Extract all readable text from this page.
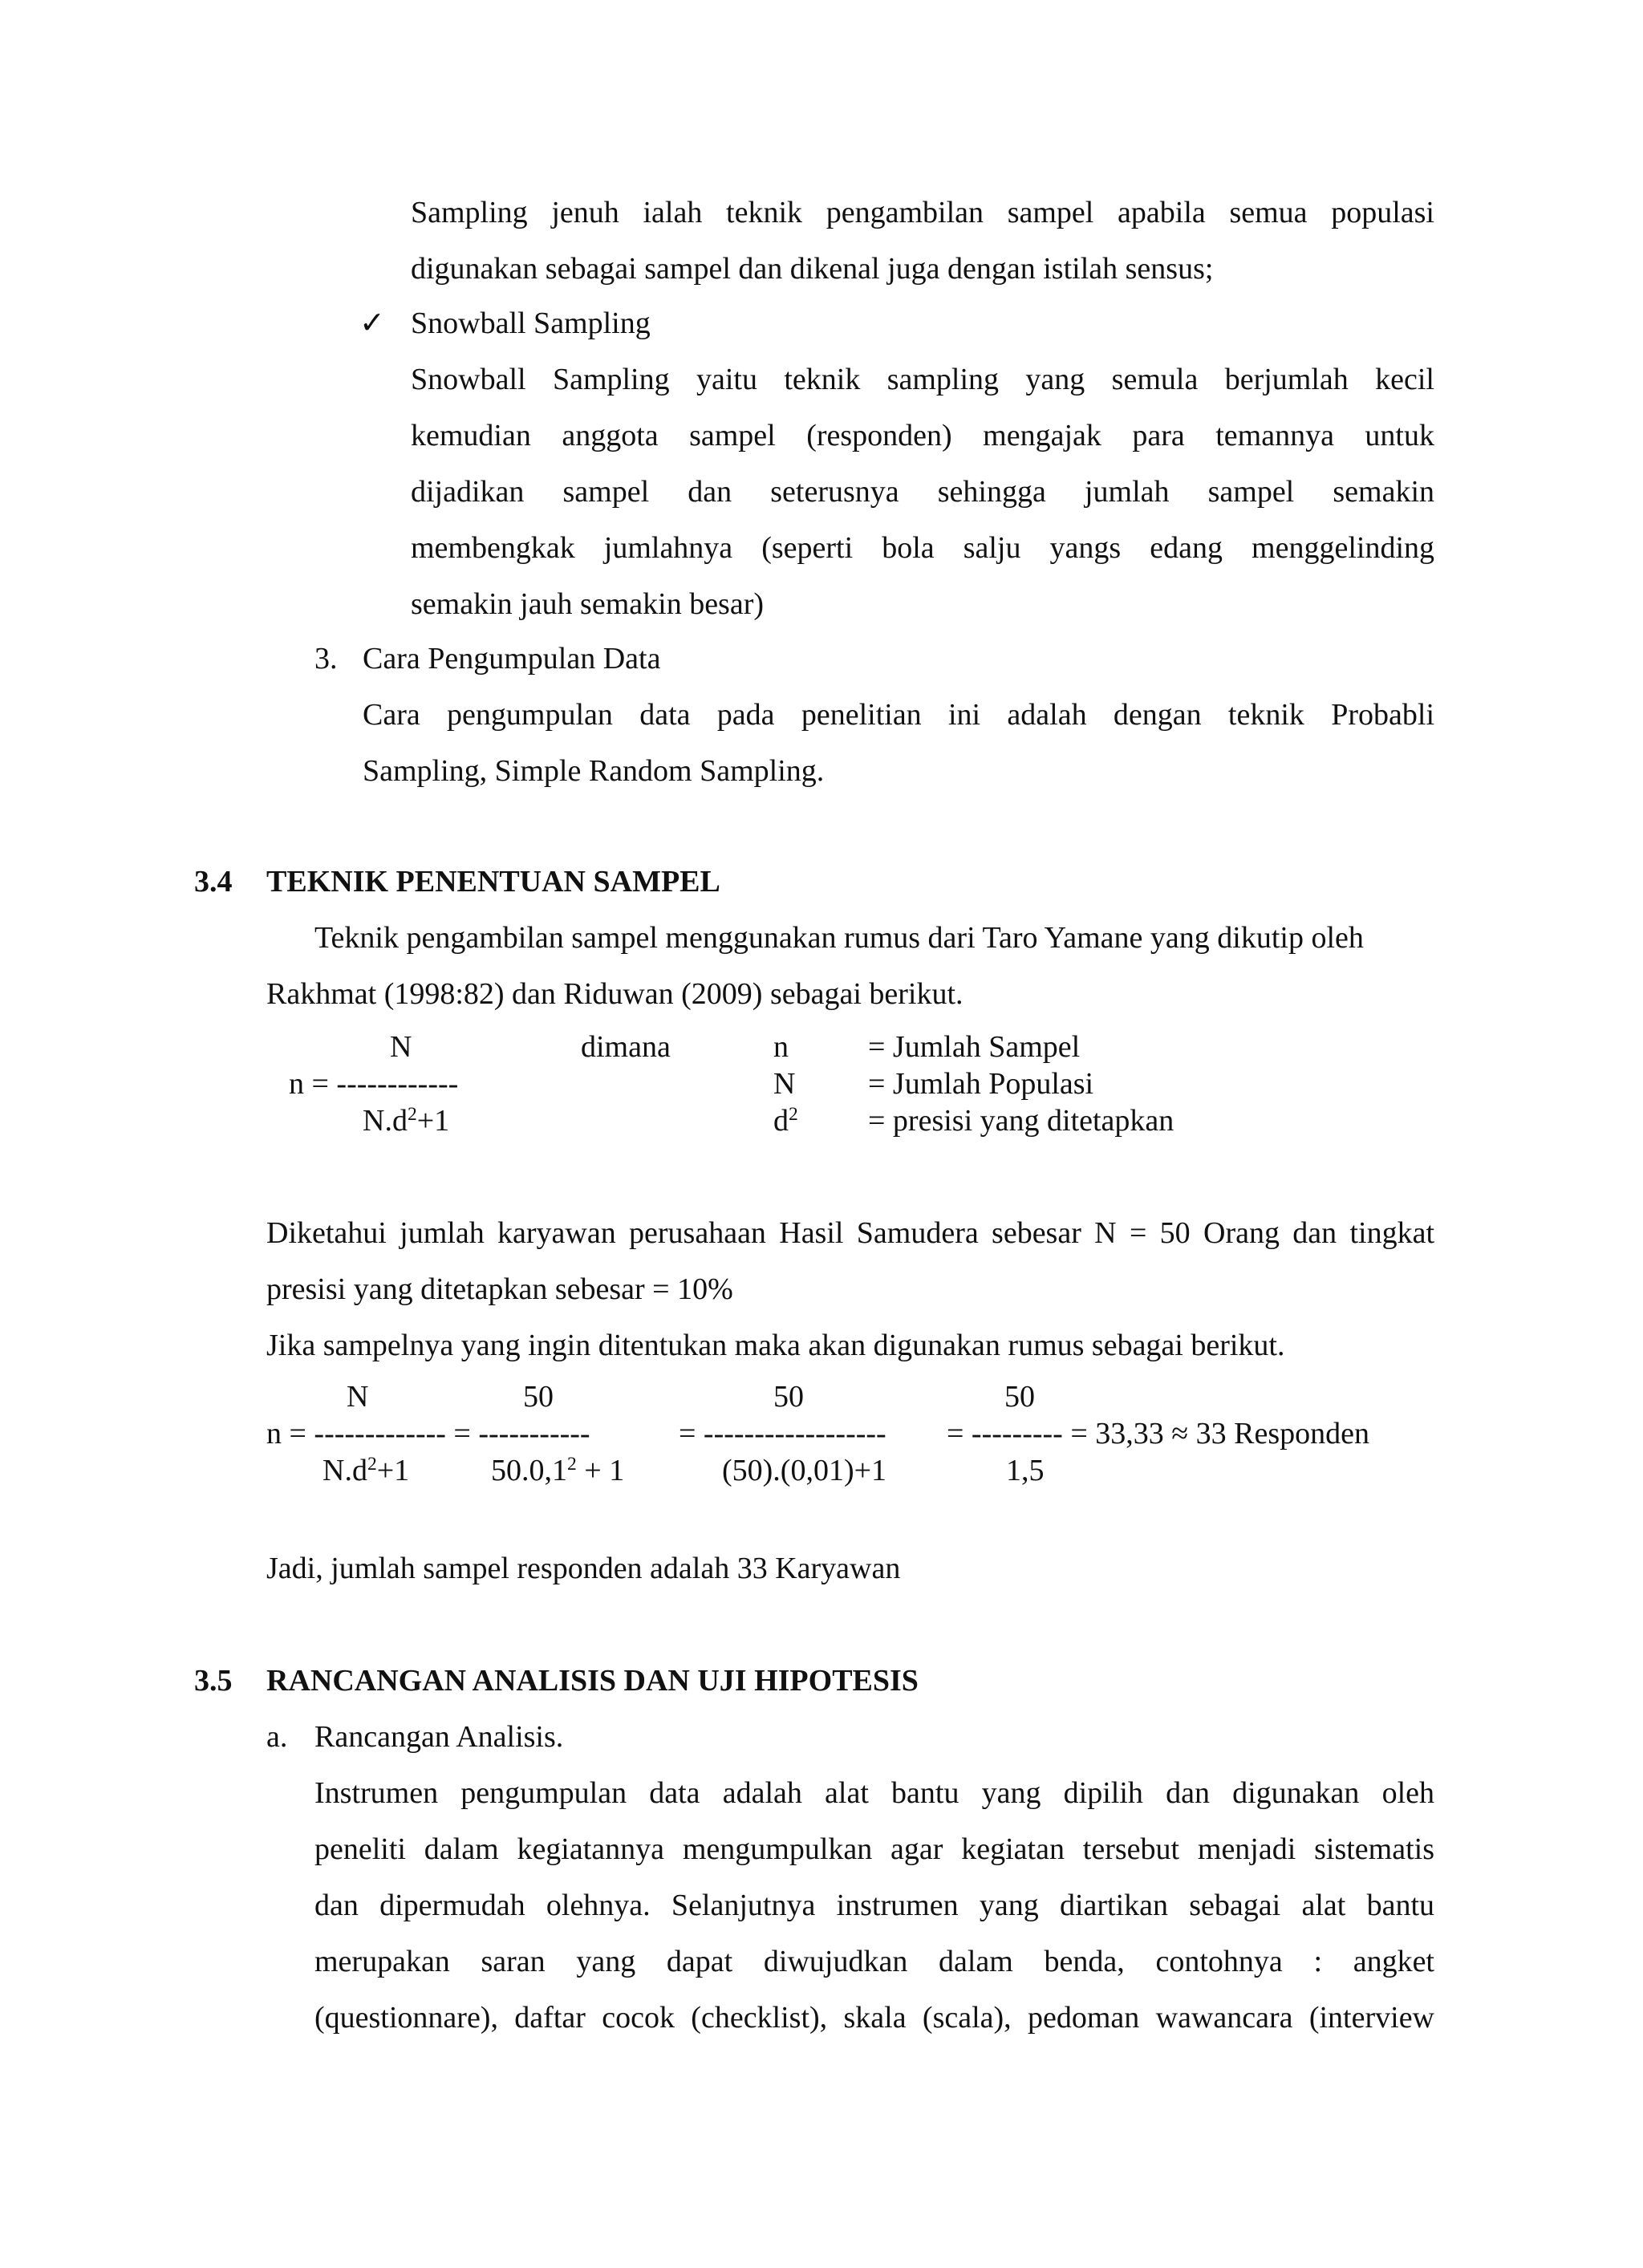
Sampling jenuh ialah teknik pengambilan sampel apabila semua populasi
digunakan sebagai sampel dan dikenal juga dengan istilah sensus;
✓ Snowball Sampling
Snowball Sampling yaitu teknik sampling yang semula berjumlah kecil
kemudian anggota sampel (responden) mengajak para temannya untuk
dijadikan sampel dan seterusnya sehingga jumlah sampel semakin
membengkak jumlahnya (seperti bola salju yangs edang menggelinding
semakin jauh semakin besar)
3. Cara Pengumpulan Data
Cara pengumpulan data pada penelitian ini adalah dengan teknik Probabli
Sampling, Simple Random Sampling.
3.4 TEKNIK PENENTUAN SAMPEL
Teknik pengambilan sampel menggunakan rumus dari Taro Yamane yang dikutip oleh
Rakhmat (1998:82) dan Riduwan (2009) sebagai berikut.
N
n = ------------
$N.d^2+1$
dimana	n	= Jumlah Sampel
N = Jumlah Populasi
$d^2$ = presisi yang ditetapkan
Diketahui jumlah karyawan perusahaan Hasil Samudera sebesar N = 50 Orang dan tingkat
presisi yang ditetapkan sebesar = 10%
Jika sampelnya yang ingin ditentukan maka akan digunakan rumus sebagai berikut.
N	50	50	50
n = ------------- = -----------	= ------------------ = --------- = 33,33 ≈ 33 Responden
$N.d^2+1$	$50.0,1^2 + 1$	(50).(0,01)+1	1,5
Jadi, jumlah sampel responden adalah 33 Karyawan
3.5 RANCANGAN ANALISIS DAN UJI HIPOTESIS
a. Rancangan Analisis.
Instrumen pengumpulan data adalah alat bantu yang dipilih dan digunakan oleh
peneliti dalam kegiatannya mengumpulkan agar kegiatan tersebut menjadi sistematis
dan dipermudah olehnya. Selanjutnya instrumen yang diartikan sebagai alat bantu
merupakan saran yang dapat diwujudkan dalam benda, contohnya : angket
(questionnare), daftar cocok (checklist), skala (scala), pedoman wawancara (interview
